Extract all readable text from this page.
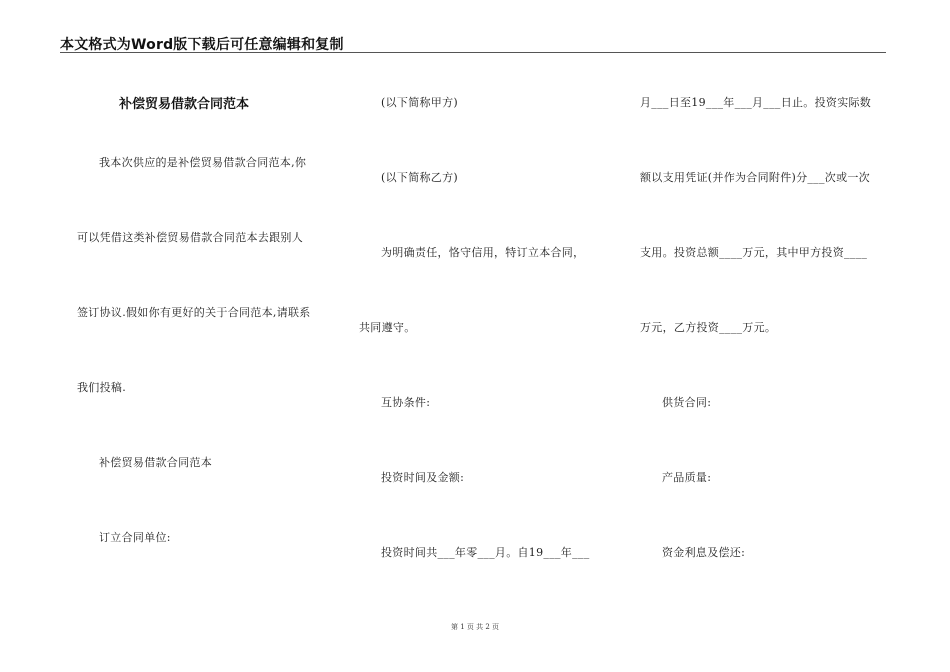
本文格式为Word版下载后可任意编辑和复制
补偿贸易借款合同范本
我本次供应的是补偿贸易借款合同范本,你
可以凭借这类补偿贸易借款合同范本去跟别人
签订协议.假如你有更好的关于合同范本,请联系
我们投稿.
补偿贸易借款合同范本
订立合同单位:
(以下简称甲方)
(以下简称乙方)
为明确责任，恪守信用，特订立本合同，
共同遵守。
互协条件:
投资时间及金额:
投资时间共___年零___月。自19___年___
月___日至19___年___月___日止。投资实际数
额以支用凭证(并作为合同附件)分___次或一次
支用。投资总额____万元，其中甲方投资____
万元，乙方投资____万元。
供货合同:
产品质量:
资金利息及偿还:
第 1 页 共 2 页
